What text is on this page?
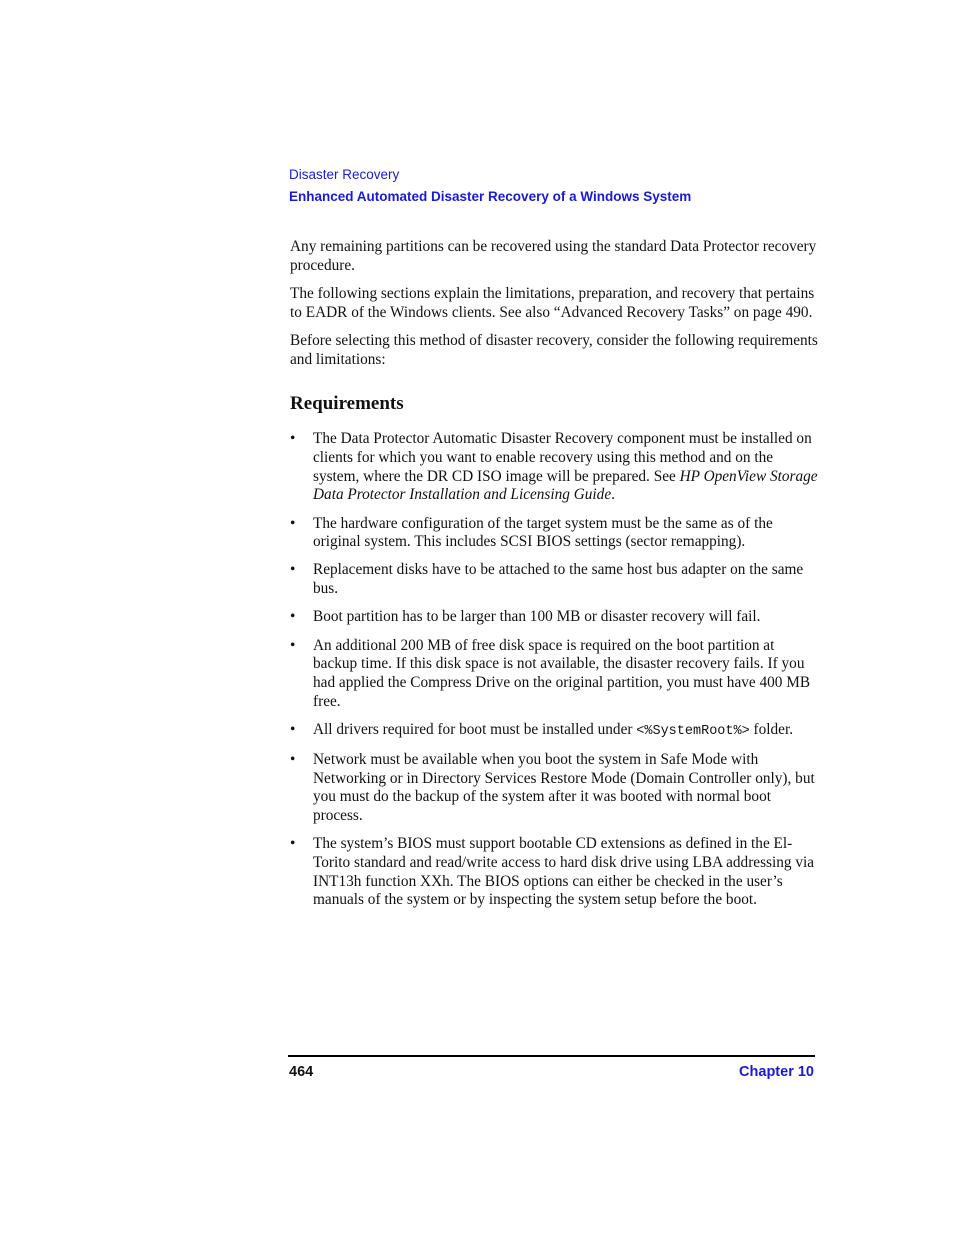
Disaster Recovery
Enhanced Automated Disaster Recovery of a Windows System

Any remaining partitions can be recovered using the standard Data Protector recovery procedure.

The following sections explain the limitations, preparation, and recovery that pertains to EADR of the Windows clients. See also “Advanced Recovery Tasks” on page 490.

Before selecting this method of disaster recovery, consider the following requirements and limitations:

Requirements
• The Data Protector Automatic Disaster Recovery component must be installed on clients for which you want to enable recovery using this method and on the system, where the DR CD ISO image will be prepared. See HP OpenView Storage Data Protector Installation and Licensing Guide.
• The hardware configuration of the target system must be the same as of the original system. This includes SCSI BIOS settings (sector remapping).
• Replacement disks have to be attached to the same host bus adapter on the same bus.
• Boot partition has to be larger than 100 MB or disaster recovery will fail.
• An additional 200 MB of free disk space is required on the boot partition at backup time. If this disk space is not available, the disaster recovery fails. If you had applied the Compress Drive on the original partition, you must have 400 MB free.
• All drivers required for boot must be installed under <%SystemRoot%> folder.
• Network must be available when you boot the system in Safe Mode with Networking or in Directory Services Restore Mode (Domain Controller only), but you must do the backup of the system after it was booted with normal boot process.
• The system’s BIOS must support bootable CD extensions as defined in the El-Torito standard and read/write access to hard disk drive using LBA addressing via INT13h function XXh. The BIOS options can either be checked in the user’s manuals of the system or by inspecting the system setup before the boot.
464	Chapter 10
